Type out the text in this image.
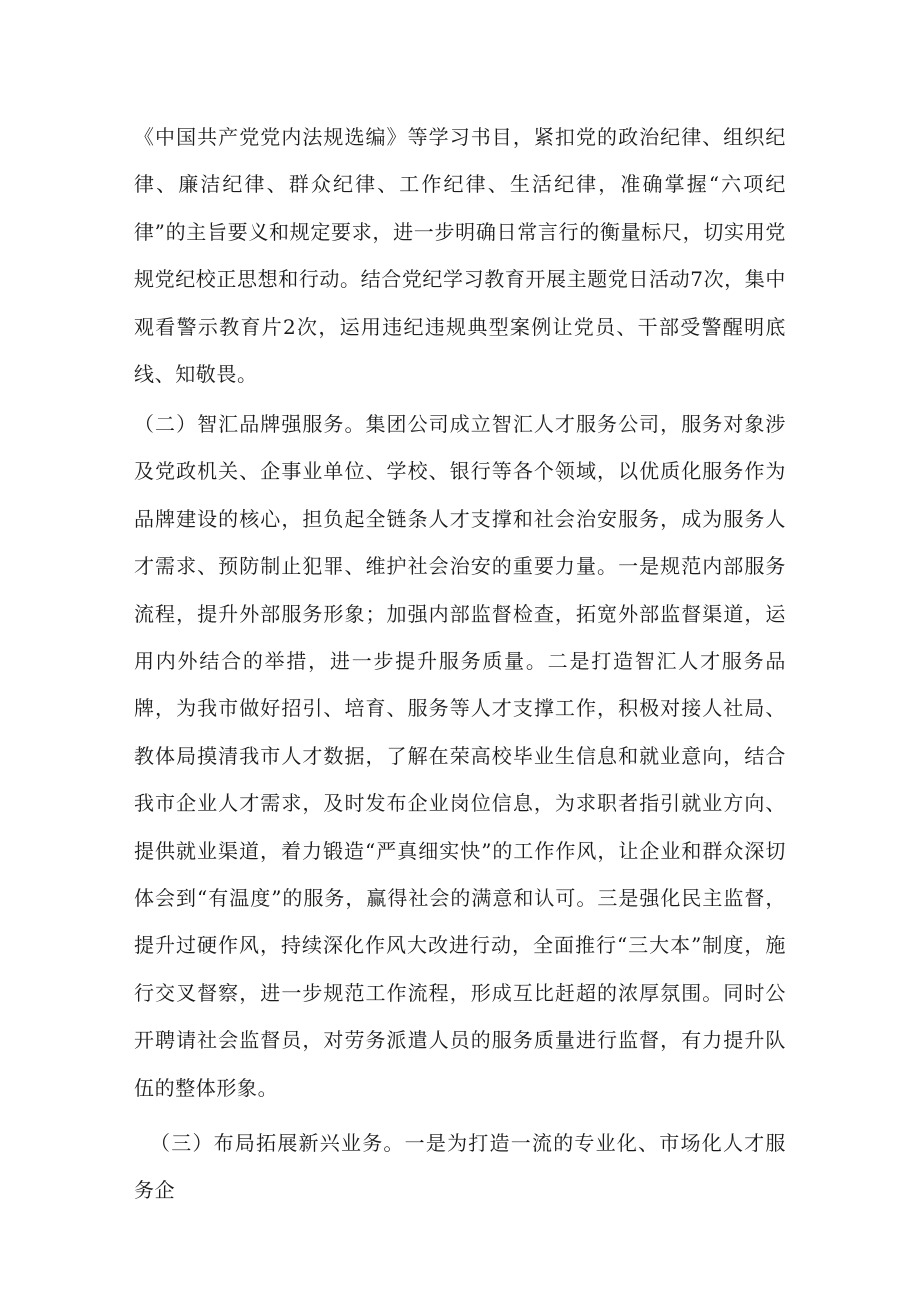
《中国共产党党内法规选编》等学习书目，紧扣党的政治纪律、组织纪律、廉洁纪律、群众纪律、工作纪律、生活纪律，准确掌握“六项纪律”的主旨要义和规定要求，进一步明确日常言行的衡量标尺，切实用党规党纪校正思想和行动。结合党纪学习教育开展主题党日活动7次，集中观看警示教育片2次，运用违纪违规典型案例让党员、干部受警醒明底线、知敬畏。

（二）智汇品牌强服务。集团公司成立智汇人才服务公司，服务对象涉及党政机关、企事业单位、学校、银行等各个领域，以优质化服务作为品牌建设的核心，担负起全链条人才支撑和社会治安服务，成为服务人才需求、预防制止犯罪、维护社会治安的重要力量。一是规范内部服务流程，提升外部服务形象；加强内部监督检查，拓宽外部监督渠道，运用内外结合的举措，进一步提升服务质量。二是打造智汇人才服务品牌，为我市做好招引、培育、服务等人才支撑工作，积极对接人社局、教体局摸清我市人才数据，了解在荣高校毕业生信息和就业意向，结合我市企业人才需求，及时发布企业岗位信息，为求职者指引就业方向、提供就业渠道，着力锻造“严真细实快”的工作作风，让企业和群众深切体会到“有温度”的服务，赢得社会的满意和认可。三是强化民主监督，提升过硬作风，持续深化作风大改进行动，全面推行“三大本”制度，施行交叉督察，进一步规范工作流程，形成互比赶超的浓厚氛围。同时公开聘请社会监督员，对劳务派遣人员的服务质量进行监督，有力提升队伍的整体形象。

（三）布局拓展新兴业务。一是为打造一流的专业化、市场化人才服务企
